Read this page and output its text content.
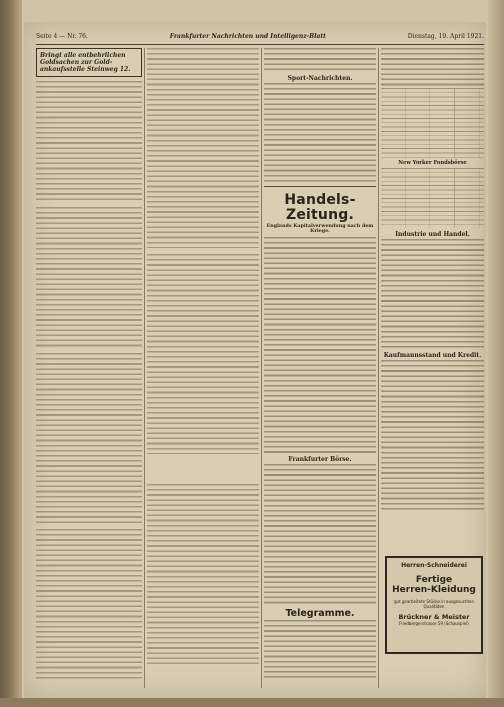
Seite 4 — Nr. 76.	Frankfurter Nachrichten und Intelligenz-Blatt	Dienstag, 19. April 1921.
Bringt alle entbehrlichen
Goldsachen zur Gold-
ankaufsstelle Steinweg 12.
Sport-Nachrichten.
Handels-Zeitung.
Englands Kapitalverwendung nach dem Kriege.
Frankfurter Börse.
Telegramme.
New Yorker Fondsbörse
Industrie und Handel.
Kaufmannsstand und Kredit.
Herren-Schneiderei
Fertige
Herren-Kleidung
gut gearbeitete Stücke in ausgesuchten Qualitäten
Brückner & Meister
Friedbergerstrasse 59 (Schauspiel)
